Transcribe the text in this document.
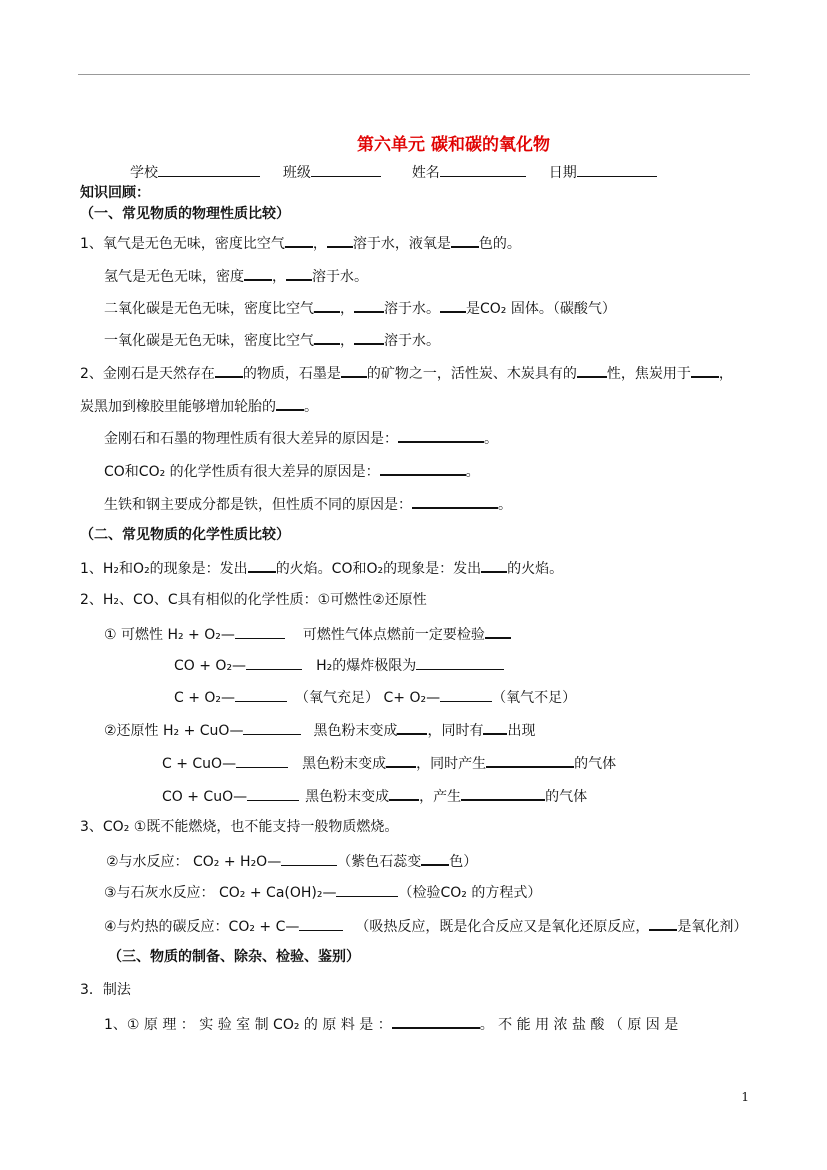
第六单元 碳和碳的氧化物
学校	班级	姓名	日期
知识回顾：
（一、常见物质的物理性质比较）
1、氧气是无色无味，密度比空气 ， 溶于水，液氧是 色的。
氢气是无色无味，密度 ， 溶于水。
二氧化碳是无色无味，密度比空气 ， 溶于水。 是CO₂ 固体。（碳酸气）
一氧化碳是无色无味，密度比空气 ， 溶于水。
2、金刚石是天然存在 的物质，石墨是 的矿物之一，活性炭、木炭具有的 性，焦炭用于 ，
炭黑加到橡胶里能够增加轮胎的 。
金刚石和石墨的物理性质有很大差异的原因是：	。
CO和CO₂ 的化学性质有很大差异的原因是：	。
生铁和钢主要成分都是铁，但性质不同的原因是：	。
（二、常见物质的化学性质比较）
1、H₂和O₂的现象是：发出 的火焰。CO和O₂的现象是：发出 的火焰。
2、H₂、CO、C具有相似的化学性质：①可燃性②还原性
① 可燃性 H₂ + O₂—	可燃性气体点燃前一定要检验
CO + O₂—	H₂的爆炸极限为
C + O₂—	（氧气充足） C+ O₂—	（氧气不足）
②还原性 H₂ + CuO—	黑色粉末变成 ，同时有 出现
C + CuO—	黑色粉末变成 ，同时产生	的气体
CO + CuO—	黑色粉末变成 ，产生	的气体
3、CO₂ ①既不能燃烧，也不能支持一般物质燃烧。
②与水反应： CO₂ + H₂O—	（紫色石蕊变 色）
③与石灰水反应： CO₂ + Ca(OH)₂—	（检验CO₂ 的方程式）
④与灼热的碳反应：CO₂ + C—	（吸热反应，既是化合反应又是氧化还原反应， 是氧化剂）
（三、物质的制备、除杂、检验、鉴别）
3．制法
1、① 原 理 ： 实 验 室 制 CO₂ 的 原 料 是 ：	。 不 能 用 浓 盐 酸 （ 原 因 是
1
